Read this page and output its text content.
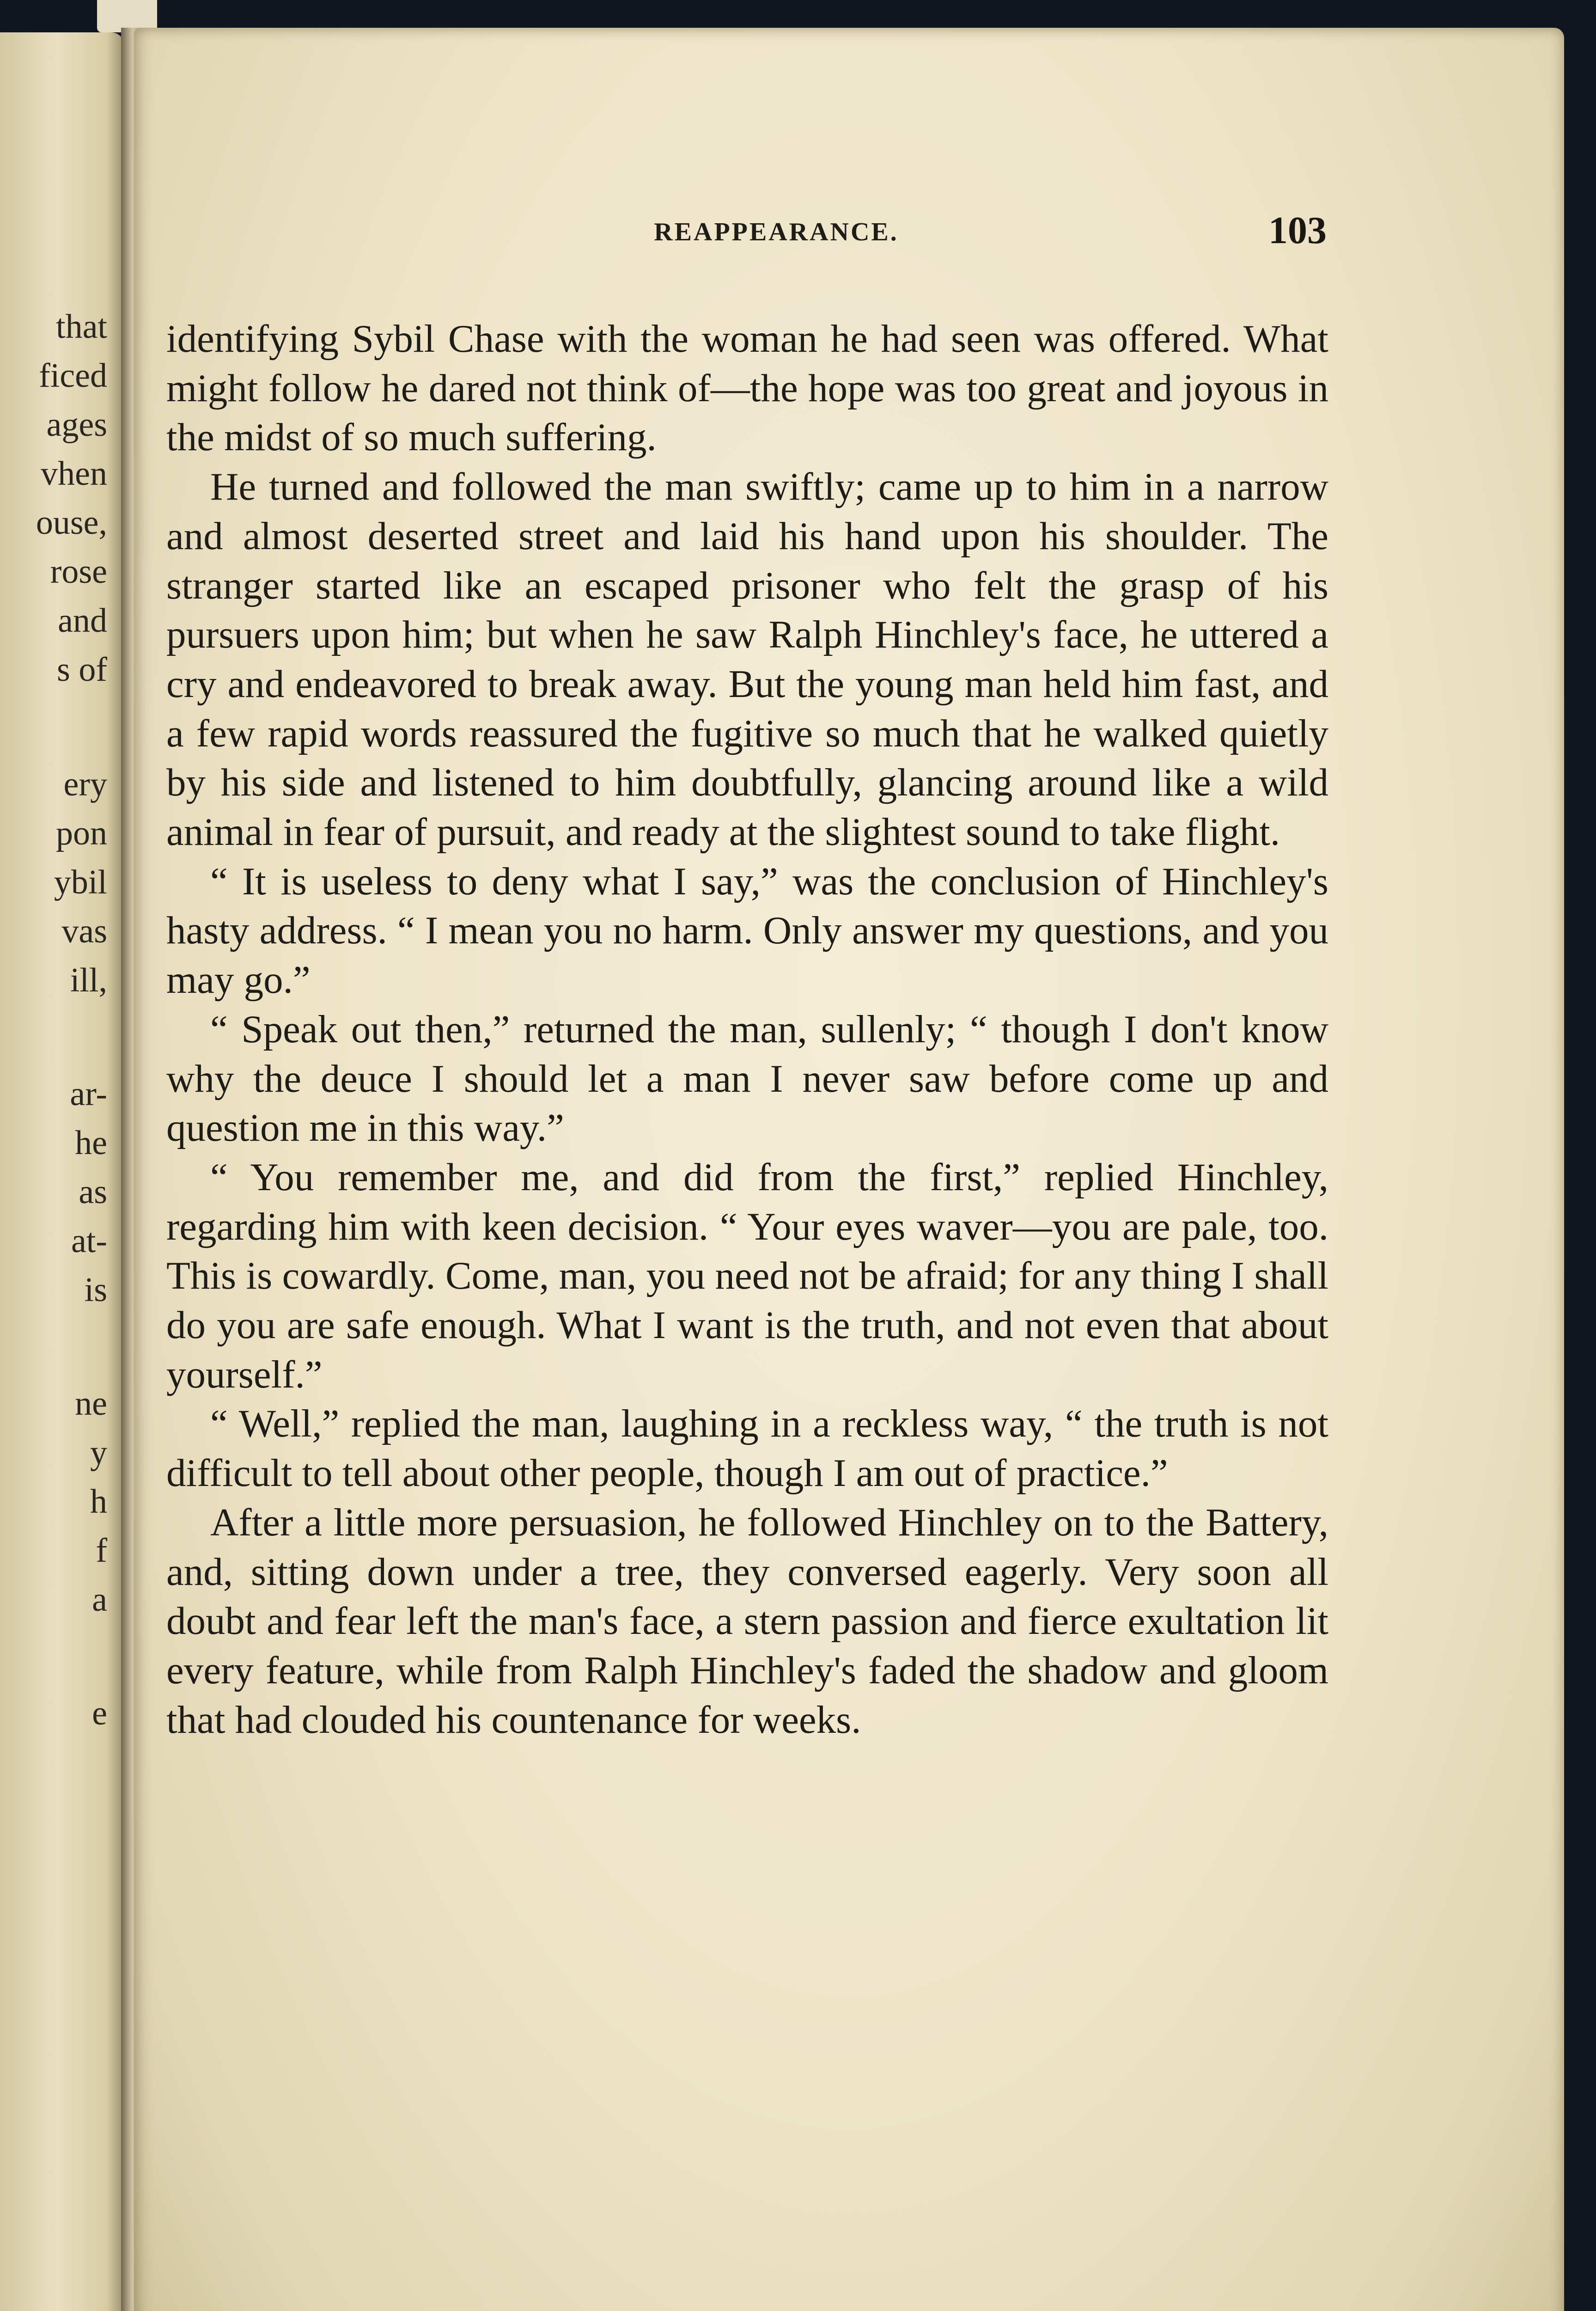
that
ficed
ages
vhen
ouse,
rose
and
s of
ery
pon
ybil
vas
ill,
ar-
he
as
at-
is
ne
y
h
f
a
e
REAPPEARANCE.	103

identifying Sybil Chase with the woman he had seen was offered. What might follow he dared not think of—the hope was too great and joyous in the midst of so much suffering.

He turned and followed the man swiftly; came up to him in a narrow and almost deserted street and laid his hand upon his shoulder. The stranger started like an escaped prisoner who felt the grasp of his pursuers upon him; but when he saw Ralph Hinchley's face, he uttered a cry and endeavored to break away. But the young man held him fast, and a few rapid words reassured the fugitive so much that he walked quietly by his side and listened to him doubtfully, glancing around like a wild animal in fear of pursuit, and ready at the slightest sound to take flight.

“ It is useless to deny what I say,” was the conclusion of Hinchley's hasty address. “ I mean you no harm. Only answer my questions, and you may go.”

“ Speak out then,” returned the man, sullenly; “ though I don't know why the deuce I should let a man I never saw before come up and question me in this way.”

“ You remember me, and did from the first,” replied Hinchley, regarding him with keen decision. “ Your eyes waver—you are pale, too. This is cowardly. Come, man, you need not be afraid; for any thing I shall do you are safe enough. What I want is the truth, and not even that about yourself.”

“ Well,” replied the man, laughing in a reckless way, “ the truth is not difficult to tell about other people, though I am out of practice.”

After a little more persuasion, he followed Hinchley on to the Battery, and, sitting down under a tree, they conversed eagerly. Very soon all doubt and fear left the man's face, a stern passion and fierce exultation lit every feature, while from Ralph Hinchley's faded the shadow and gloom that had clouded his countenance for weeks.
